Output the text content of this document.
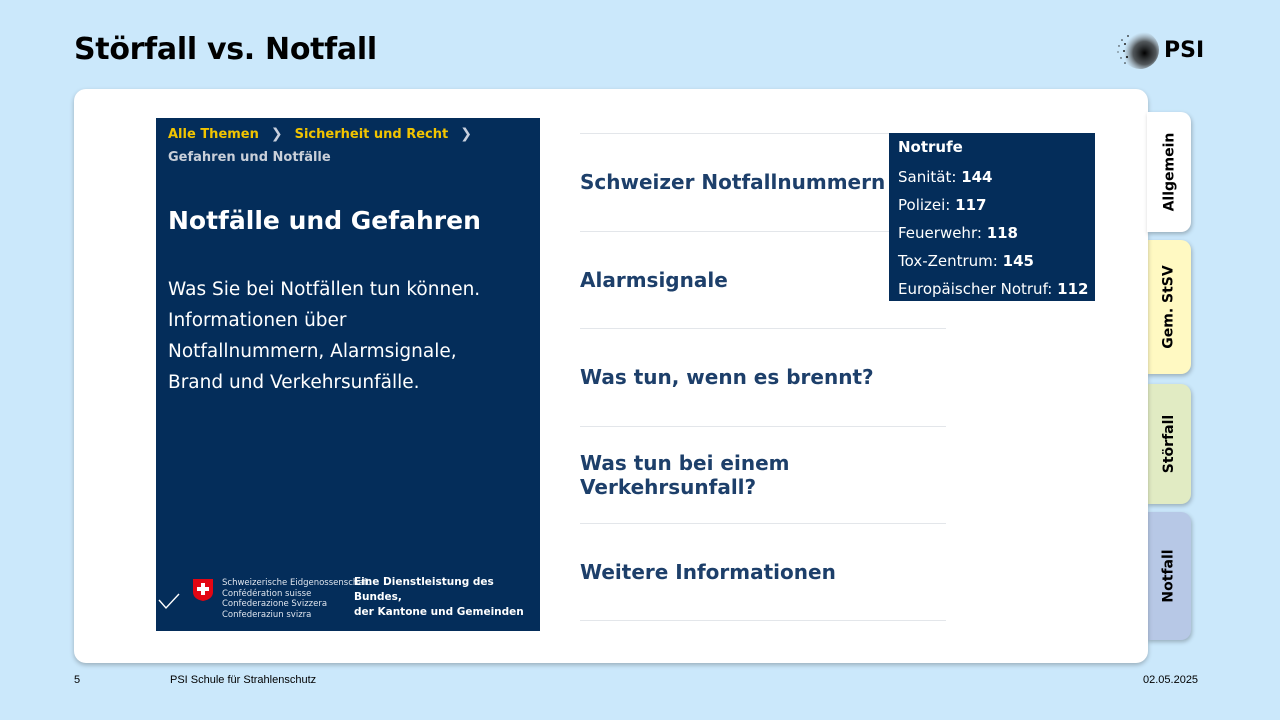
Störfall vs. Notfall	PSI
Allgemein
Gem. StSV
Störfall
Notfall
Alle Themen ❯ Sicherheit und Recht ❯
Gefahren und Notfälle
Notfälle und Gefahren
Was Sie bei Notfällen tun können.
Informationen über
Notfallnummern, Alarmsignale,
Brand und Verkehrsunfälle.
Schweizerische Eidgenossenschaft
Confédération suisse
Confederazione Svizzera
Confederaziun svizra
Eine Dienstleistung des Bundes,
der Kantone und Gemeinden
Schweizer Notfallnummern
Alarmsignale
Was tun, wenn es brennt?
Was tun bei einem Verkehrsunfall?
Weitere Informationen
Notrufe
Sanität: 144
Polizei: 117
Feuerwehr: 118
Tox-Zentrum: 145
Europäischer Notruf: 112
5	PSI Schule für Strahlenschutz	02.05.2025
